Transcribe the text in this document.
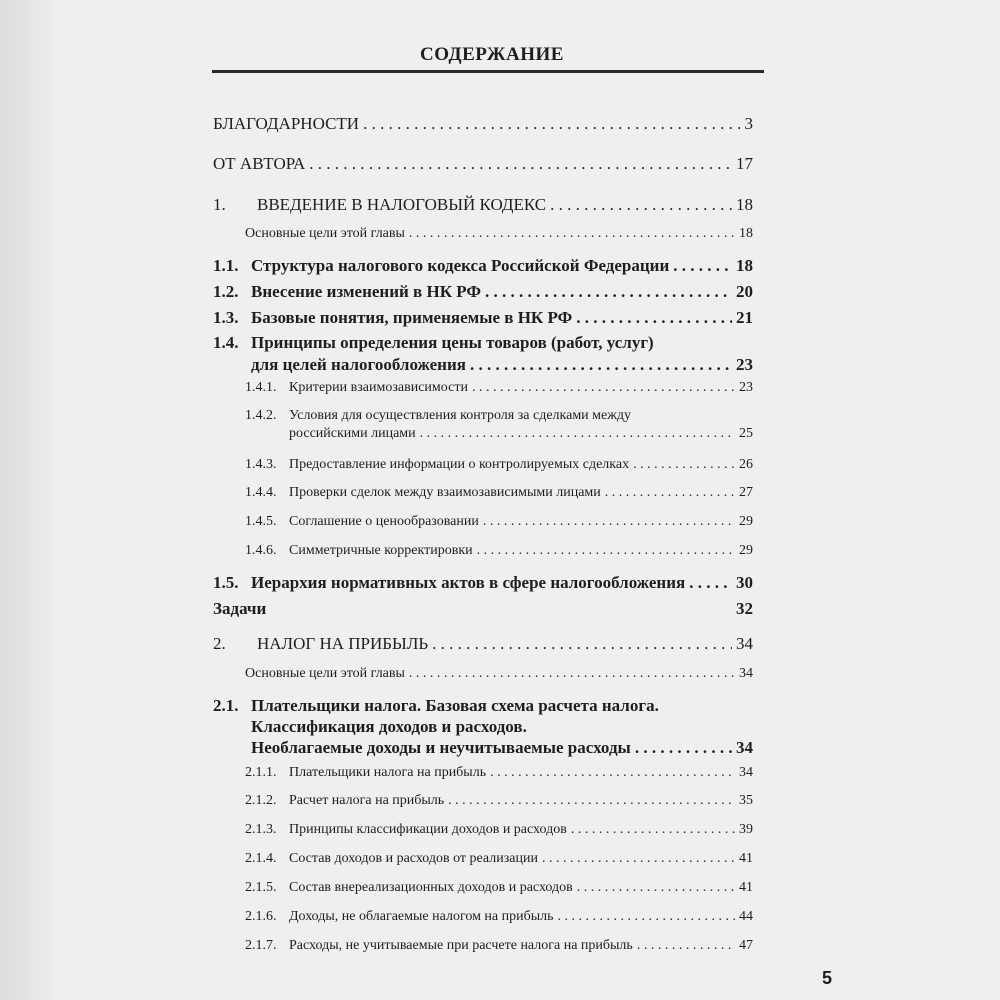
СОДЕРЖАНИЕ
БЛАГОДАРНОСТИ . . .	3
ОТ АВТОРА . . .	17
1.	ВВЕДЕНИЕ В НАЛОГОВЫЙ КОДЕКС . . .	18
Основные цели этой главы . . .	18
1.1. Структура налогового кодекса Российской Федерации . . .	18
1.2. Внесение изменений в НК РФ . . .	20
1.3. Базовые понятия, применяемые в НК РФ . . .	21
1.4. Принципы определения цены товаров (работ, услуг)
для целей налогообложения . . .	23
1.4.1. Критерии взаимозависимости . . .	23
1.4.2. Условия для осуществления контроля за сделками между
российскими лицами . . .	25
1.4.3. Предоставление информации о контролируемых сделках . . .	26
1.4.4. Проверки сделок между взаимозависимыми лицами . . .	27
1.4.5. Соглашение о ценообразовании . . .	29
1.4.6. Симметричные корректировки . . .	29
1.5. Иерархия нормативных актов в сфере налогообложения . . .	30
Задачи	32
2.	НАЛОГ НА ПРИБЫЛЬ . . .	34
Основные цели этой главы . . .	34
2.1. Плательщики налога. Базовая схема расчета налога.
Классификация доходов и расходов.
Необлагаемые доходы и неучитываемые расходы . . .	34
2.1.1. Плательщики налога на прибыль . . .	34
2.1.2. Расчет налога на прибыль . . .	35
2.1.3. Принципы классификации доходов и расходов . . .	39
2.1.4. Состав доходов и расходов от реализации . . .	41
2.1.5. Состав внереализационных доходов и расходов . . .	41
2.1.6. Доходы, не облагаемые налогом на прибыль . . .	44
2.1.7. Расходы, не учитываемые при расчете налога на прибыль . . .	47
5
